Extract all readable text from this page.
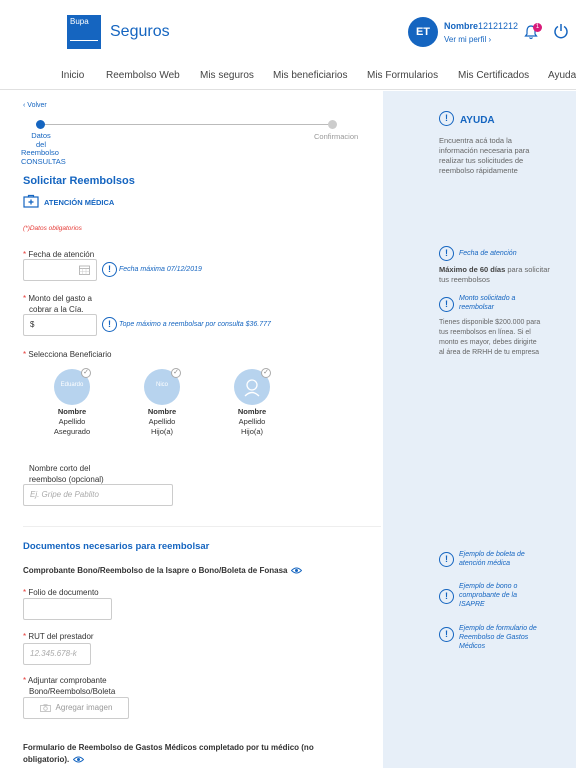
Bupa
Seguros	ET	Nombre12121212
Ver mi perfil ›
1
Inicio Reembolso Web Mis seguros Mis beneficiarios Mis Formularios Mis Certificados Ayuda
!	AYUDA
Encuentra acá toda la
información necesaria para
realizar tus solicitudes de
reembolso rápidamente
!	Fecha de atención
Máximo de 60 días para solicitar
tus reembolsos
!
Monto solicitado a
reembolsar
Tienes disponible $200.000 para
tus reembolsos en línea. Si el
monto es mayor, debes dirigirte
al área de RRHH de tu empresa
!	Ejemplo de boleta de
atención médica
!
Ejemplo de bono o
comprobante de la
ISAPRE
!
Ejemplo de formulario de
Reembolso de Gastos
Médicos
‹ Volver
Datos
del
Reembolso
CONSULTAS
Confirmacion
Solicitar Reembolsos
ATENCIÓN MÉDICA
(*)Datos obligatorios
* Fecha de atención
!	Fecha máxima 07/12/2019
* Monto del gasto a
cobrar a la Cía.
$	!	Tope máximo a reembolsar por consulta $36.777
* Selecciona Beneficiario
Eduardo
✓
Nico
✓	✓
Nombre
Apellido
Asegurado
Nombre
Apellido
Hijo(a)
Nombre
Apellido
Hijo(a)
Nombre corto del
reembolso (opcional)
Ej. Gripe de Pablito
Documentos necesarios para reembolsar
Comprobante Bono/Reembolso de la Isapre o Bono/Boleta de Fonasa
* Folio de documento
* RUT del prestador
12.345.678-k
* Adjuntar comprobante
Bono/Reembolso/Boleta
Agregar imagen
Formulario de Reembolso de Gastos Médicos completado por tu médico (no
obligatorio).
